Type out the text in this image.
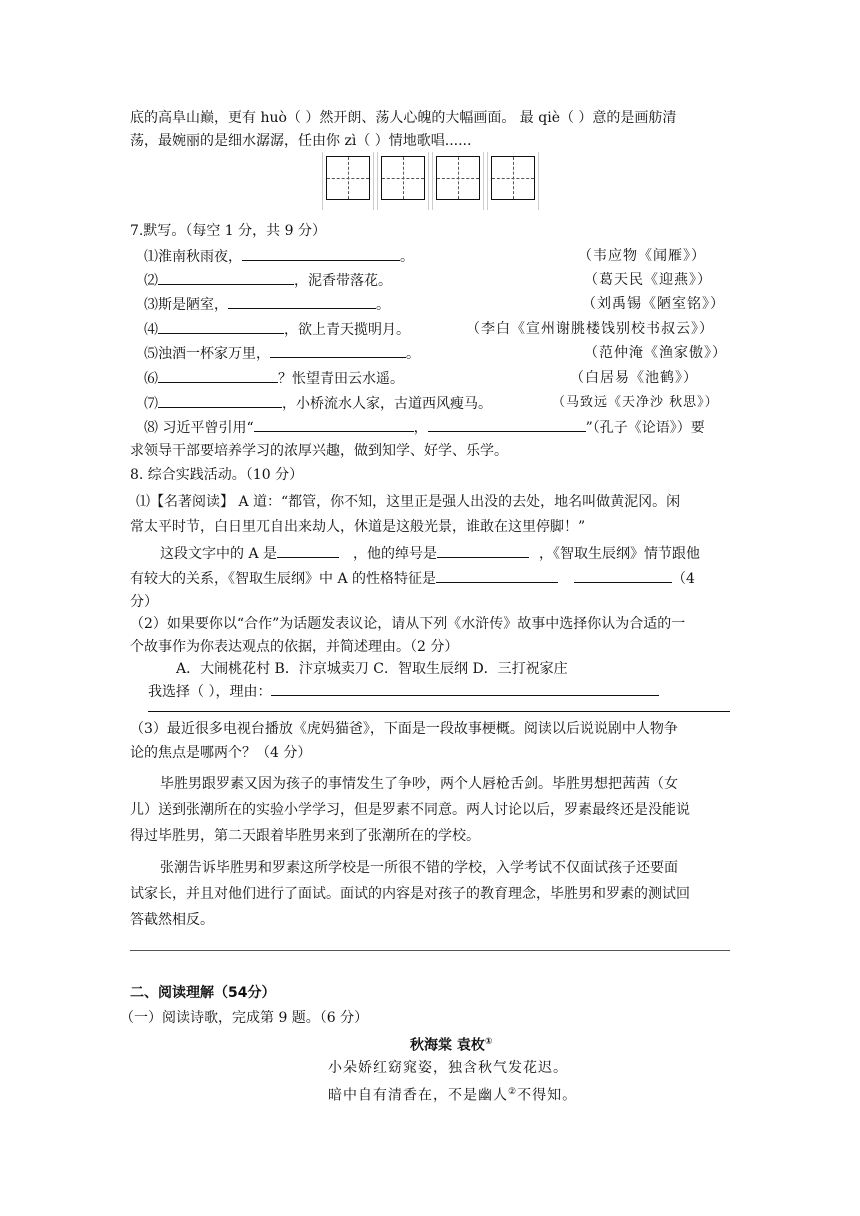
底的高阜山巅，更有 huò（ ）然开朗、荡人心魄的大幅画面。 最 qiè（ ）意的是画舫清
荡，最婉丽的是细水潺潺，任由你 zì（ ）情地歌唱......
7.默写。（每空 1 分，共 9 分）
⑴淮南秋雨夜，	。	（韦应物《闻雁》）
⑵	，泥香带落花。	（葛天民《迎燕》）
⑶斯是陋室，	。	（刘禹锡《陋室铭》）
⑷	，欲上青天揽明月。	（李白《宣州谢朓楼饯别校书叔云》）
⑸浊酒一杯家万里，	。	（范仲淹《渔家傲》）
⑹	？怅望青田云水遥。	（白居易《池鹤》）
⑺	，小桥流水人家，古道西风瘦马。	（马致远《天净沙 秋思》）
⑻ 习近平曾引用“	，	”（孔子《论语》）要
求领导干部要培养学习的浓厚兴趣，做到知学、好学、乐学。
8. 综合实践活动。（10 分）
⑴【名著阅读】 A 道：“都管，你不知，这里正是强人出没的去处，地名叫做黄泥冈。闲
常太平时节，白日里兀自出来劫人，休道是这般光景，谁敢在这里停脚！”
这段文字中的 A 是	，他的绰号是	，《智取生辰纲》情节跟他
有较大的关系，《智取生辰纲》中 A 的性格特征是	（4
分）
（2）如果要你以“合作”为话题发表议论，请从下列《水浒传》故事中选择你认为合适的一
个故事作为你表达观点的依据，并简述理由。（2 分）
A．大闹桃花村 B．汴京城卖刀 C．智取生辰纲 D．三打祝家庄
我选择（ ），理由：
（3）最近很多电视台播放《虎妈猫爸》，下面是一段故事梗概。阅读以后说说剧中人物争
论的焦点是哪两个？（4 分）
毕胜男跟罗素又因为孩子的事情发生了争吵，两个人唇枪舌剑。毕胜男想把茜茜（女
儿）送到张潮所在的实验小学学习，但是罗素不同意。两人讨论以后，罗素最终还是没能说
得过毕胜男，第二天跟着毕胜男来到了张潮所在的学校。
张潮告诉毕胜男和罗素这所学校是一所很不错的学校，入学考试不仅面试孩子还要面
试家长，并且对他们进行了面试。面试的内容是对孩子的教育理念，毕胜男和罗素的测试回
答截然相反。
二、阅读理解（54分）
（一）阅读诗歌，完成第 9 题。（6 分）
秋海棠 袁枚①
小朵娇红窈窕姿，独含秋气发花迟。
暗中自有清香在，不是幽人②不得知。
